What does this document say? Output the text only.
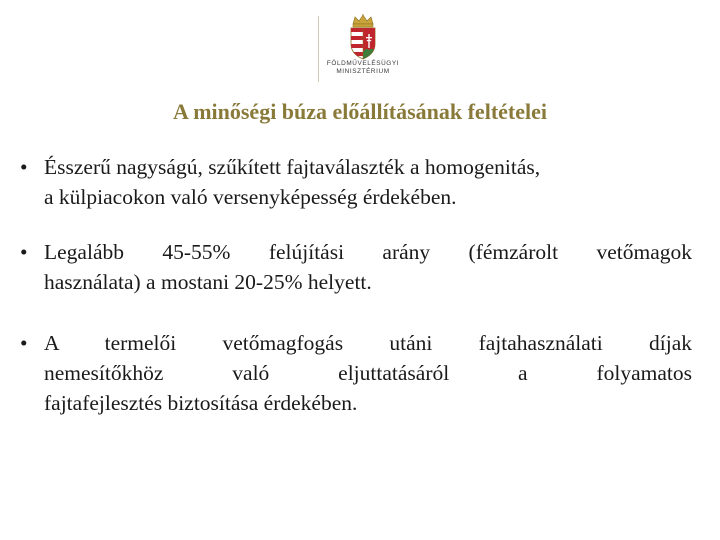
FÖLDMŰVELÉSÜGYI
MINISZTÉRIUM
A minőségi búza előállításának feltételei
• Ésszerű nagyságú, szűkített fajtaválaszték a homogenitás,
a külpiacokon való versenyképesség érdekében.
• Legalább 45-55% felújítási arány (fémzárolt vetőmagok
használata) a mostani 20-25% helyett.
• A termelői vetőmagfogás utáni fajtahasználati díjak
nemesítőkhöz való eljuttatásáról a folyamatos
fajtafejlesztés biztosítása érdekében.
